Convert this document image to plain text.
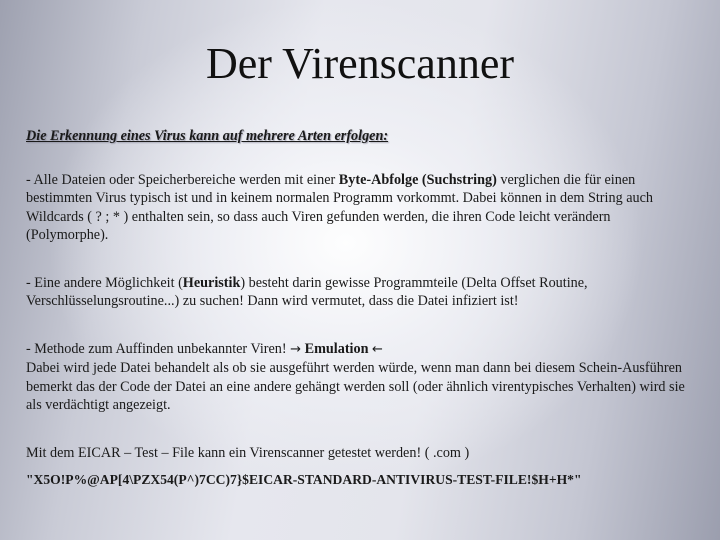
Der Virenscanner

Die Erkennung eines Virus kann auf mehrere Arten erfolgen:

- Alle Dateien oder Speicherbereiche werden mit einer Byte-Abfolge (Suchstring) verglichen die für einen bestimmten Virus typisch ist und in keinem normalen Programm vorkommt. Dabei können in dem String auch Wildcards ( ? ; * ) enthalten sein, so dass auch Viren gefunden werden, die ihren Code leicht verändern (Polymorphe).

- Eine andere Möglichkeit (Heuristik) besteht darin gewisse Programmteile (Delta Offset Routine, Verschlüsselungsroutine...) zu suchen! Dann wird vermutet, dass die Datei infiziert ist!

- Methode zum Auffinden unbekannter Viren! → Emulation ←
Dabei wird jede Datei behandelt als ob sie ausgeführt werden würde, wenn man dann bei diesem Schein-Ausführen bemerkt das der Code der Datei an eine andere gehängt werden soll (oder ähnlich virentypisches Verhalten) wird sie als verdächtigt angezeigt.

Mit dem EICAR – Test – File kann ein Virenscanner getestet werden! ( .com )

"X5O!P%@AP[4\PZX54(P^)7CC)7}$EICAR-STANDARD-ANTIVIRUS-TEST-FILE!$H+H*"
